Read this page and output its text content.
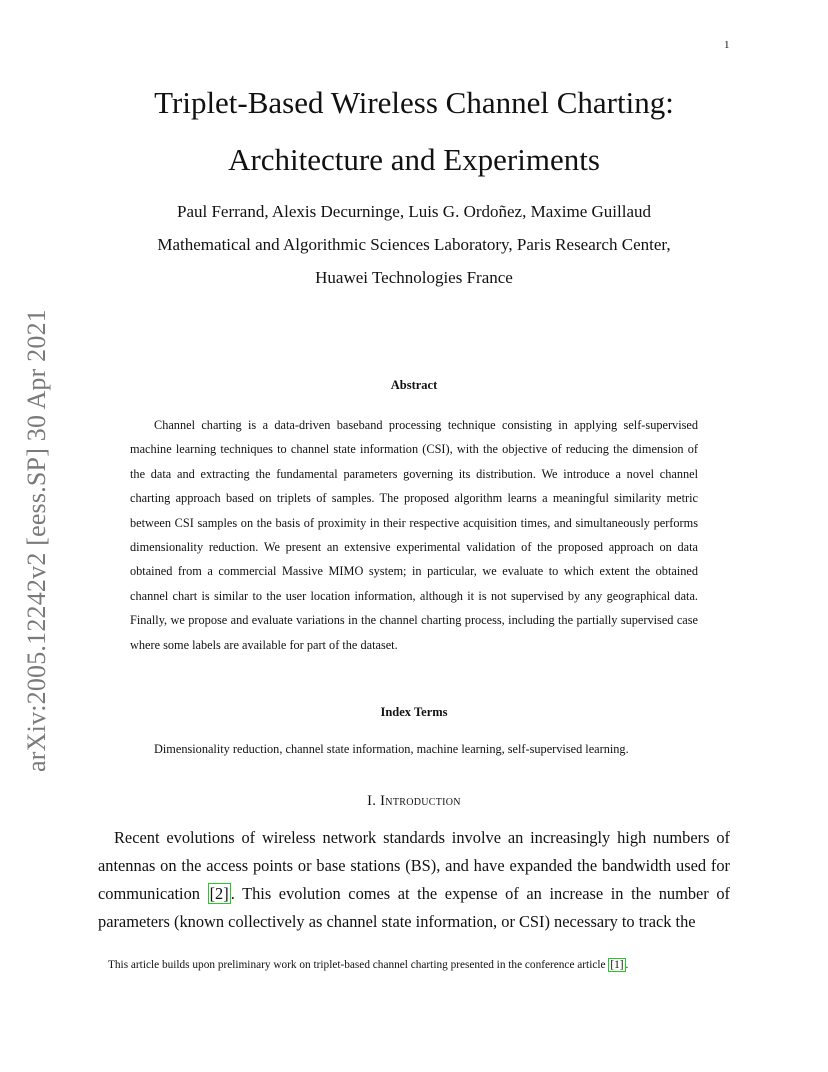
1
arXiv:2005.12242v2 [eess.SP] 30 Apr 2021
Triplet-Based Wireless Channel Charting:
Architecture and Experiments
Paul Ferrand, Alexis Decurninge, Luis G. Ordoñez, Maxime Guillaud
Mathematical and Algorithmic Sciences Laboratory, Paris Research Center,
Huawei Technologies France
Abstract

Channel charting is a data-driven baseband processing technique consisting in applying self-supervised machine learning techniques to channel state information (CSI), with the objective of reducing the dimension of the data and extracting the fundamental parameters governing its distribution. We introduce a novel channel charting approach based on triplets of samples. The proposed algorithm learns a meaningful similarity metric between CSI samples on the basis of proximity in their respective acquisition times, and simultaneously performs dimensionality reduction. We present an extensive experimental validation of the proposed approach on data obtained from a commercial Massive MIMO system; in particular, we evaluate to which extent the obtained channel chart is similar to the user location information, although it is not supervised by any geographical data. Finally, we propose and evaluate variations in the channel charting process, including the partially supervised case where some labels are available for part of the dataset.

Index Terms

Dimensionality reduction, channel state information, machine learning, self-supervised learning.

I. Introduction

Recent evolutions of wireless network standards involve an increasingly high numbers of antennas on the access points or base stations (BS), and have expanded the bandwidth used for communication [2] . This evolution comes at the expense of an increase in the number of parameters (known collectively as channel state information, or CSI) necessary to track the

This article builds upon preliminary work on triplet-based channel charting presented in the conference article [1] .
